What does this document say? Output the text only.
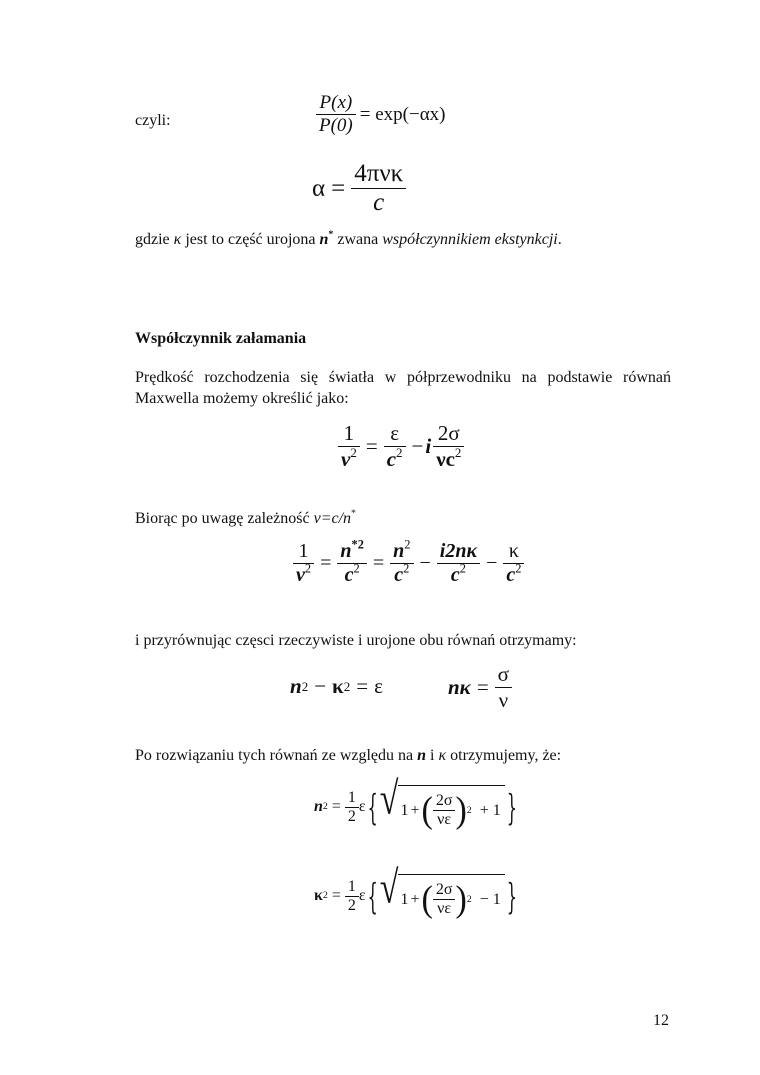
czyli:	$\frac{P(x)}{P(0)} = \exp(-\alpha x)$
$\alpha = \frac{\text{4πνκ}}{c}$
gdzie κ jest to część urojona n* zwana współczynnikiem ekstynkcji.
Współczynnik załamania
Prędkość rozchodzenia się światła w półprzewodniku na podstawie równań Maxwella możemy określić jako:
$\frac{1}{v^2} = \frac{\varepsilon}{c^2} - i \frac{2\sigma}{\nu c^2}$
Biorąc po uwagę zależność v=c/n*
$\frac{1}{v^2} = \frac{n^{*2}}{c^2} = \frac{n^2}{c^2} - \frac{i2n\kappa}{c^2} - \frac{\kappa}{c^2}$
i przyrównując częsci rzeczywiste i urojone obu równań otrzymamy:
n 2 − κ 2 = ε	$n\kappa = \frac{\sigma}{\nu}$
Po rozwiązaniu tych równań ze względu na n i κ otrzymujemy, że:
n $2 = \frac{1}{2}$ ε { √ 1 + ( $\frac{2\sigma}{\nu\varepsilon}$ ) 2 + 1 }
κ $2 = \frac{1}{2}$ ε { √ 1 + ( $\frac{2\sigma}{\nu\varepsilon}$ ) 2 − 1 }
12
